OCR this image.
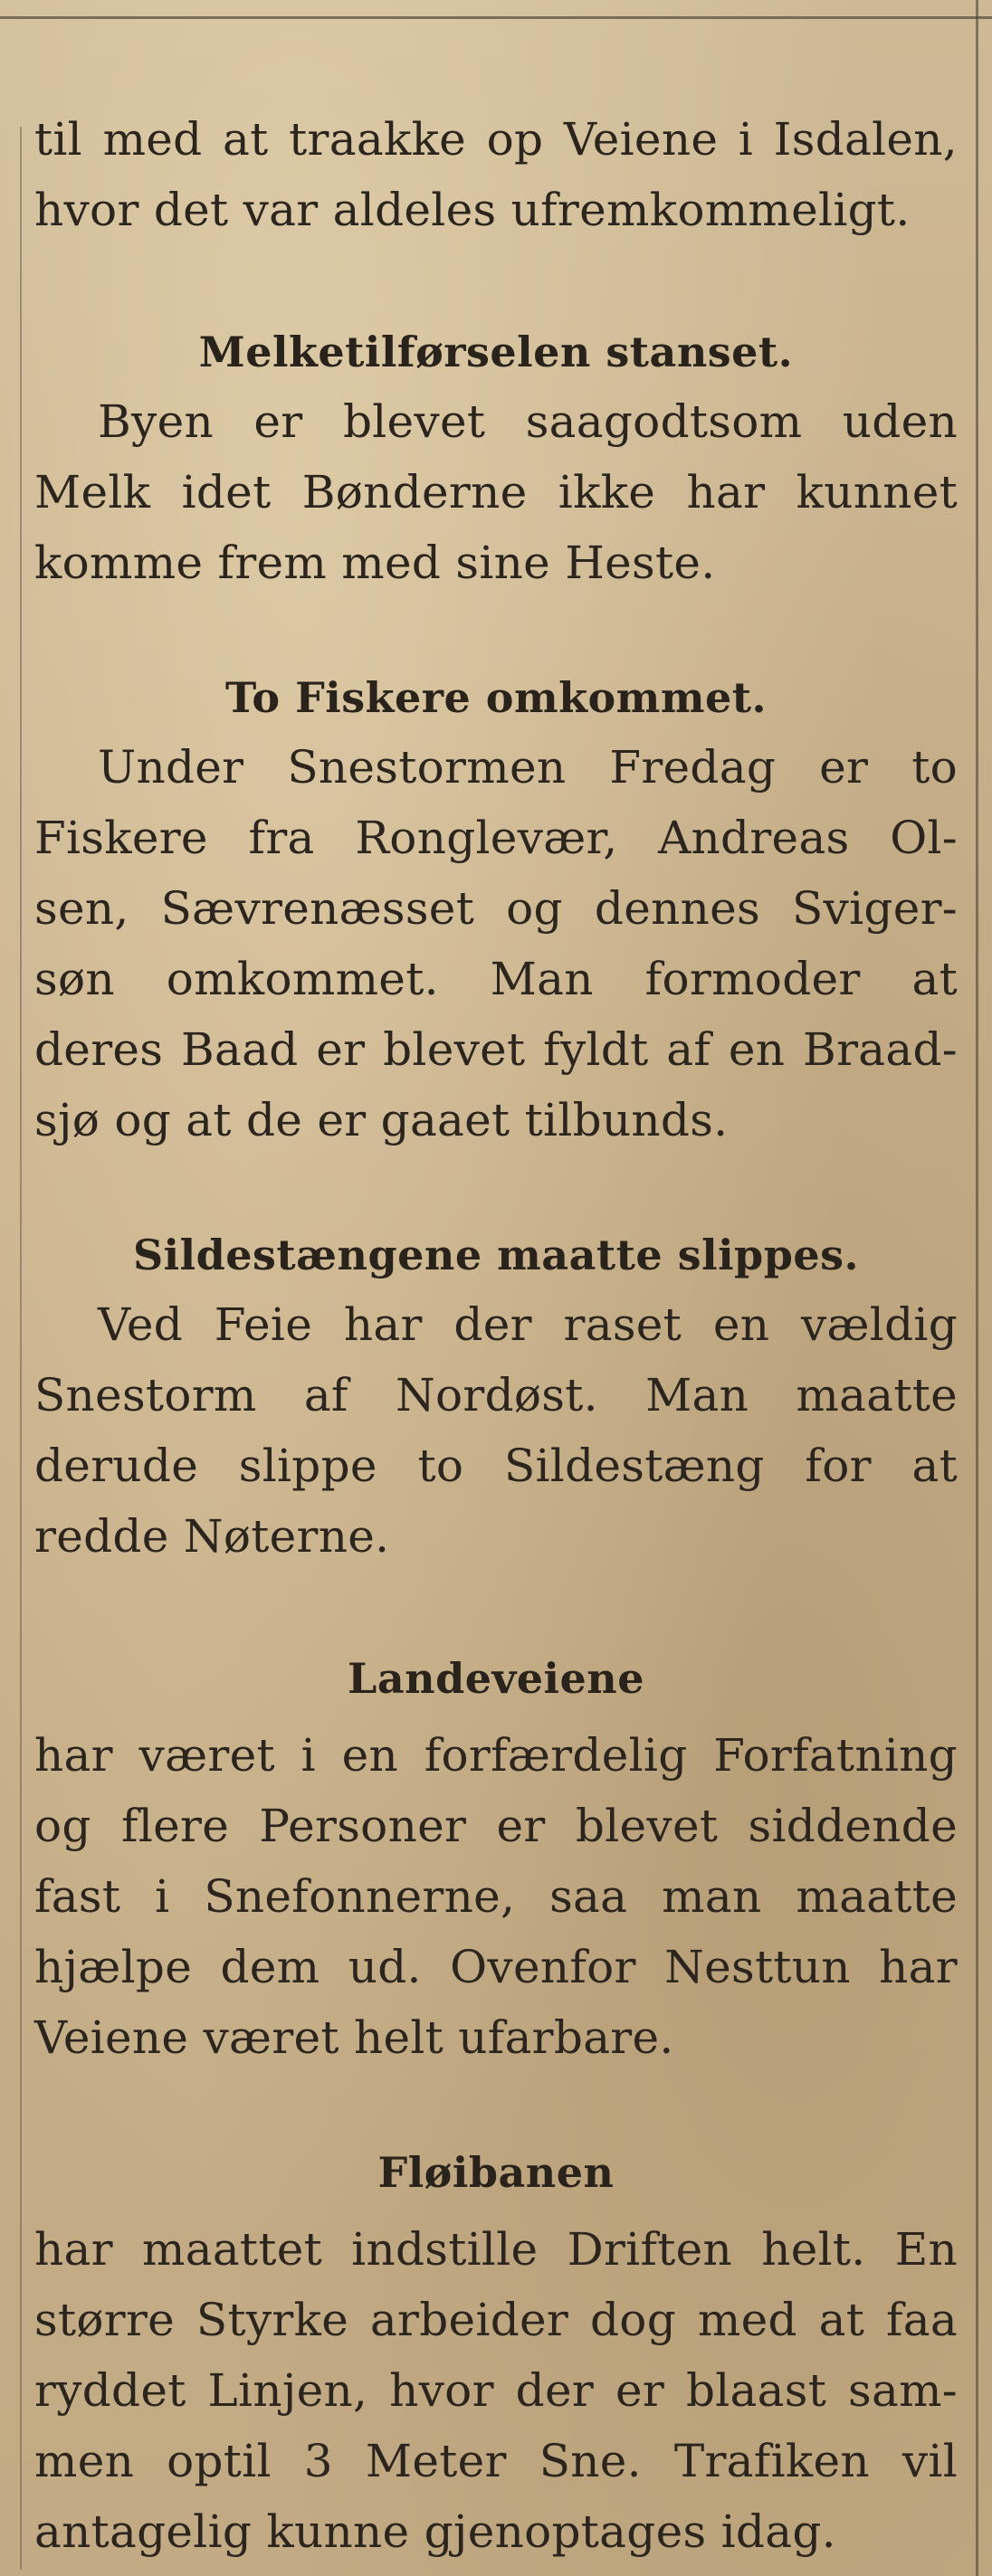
til med at traakke op Veiene i Isdalen,
hvor det var aldeles ufremkommeligt.

Melketilførselen stanset.

Byen er blevet saagodtsom uden
Melk idet Bønderne ikke har kunnet
komme frem med sine Heste.

To Fiskere omkommet.

Under Snestormen Fredag er to
Fiskere fra Ronglevær, Andreas Ol-
sen, Sævrenæsset og dennes Sviger-
søn omkommet. Man formoder at
deres Baad er blevet fyldt af en Braad-
sjø og at de er gaaet tilbunds.

Sildestængene maatte slippes.

Ved Feie har der raset en vældig
Snestorm af Nordøst. Man maatte
derude slippe to Sildestæng for at
redde Nøterne.

Landeveiene

har været i en forfærdelig Forfatning
og flere Personer er blevet siddende
fast i Snefonnerne, saa man maatte
hjælpe dem ud. Ovenfor Nesttun har
Veiene været helt ufarbare.

Fløibanen

har maattet indstille Driften helt. En
større Styrke arbeider dog med at faa
ryddet Linjen, hvor der er blaast sam-
men optil 3 Meter Sne. Trafiken vil
antagelig kunne gjenoptages idag.
